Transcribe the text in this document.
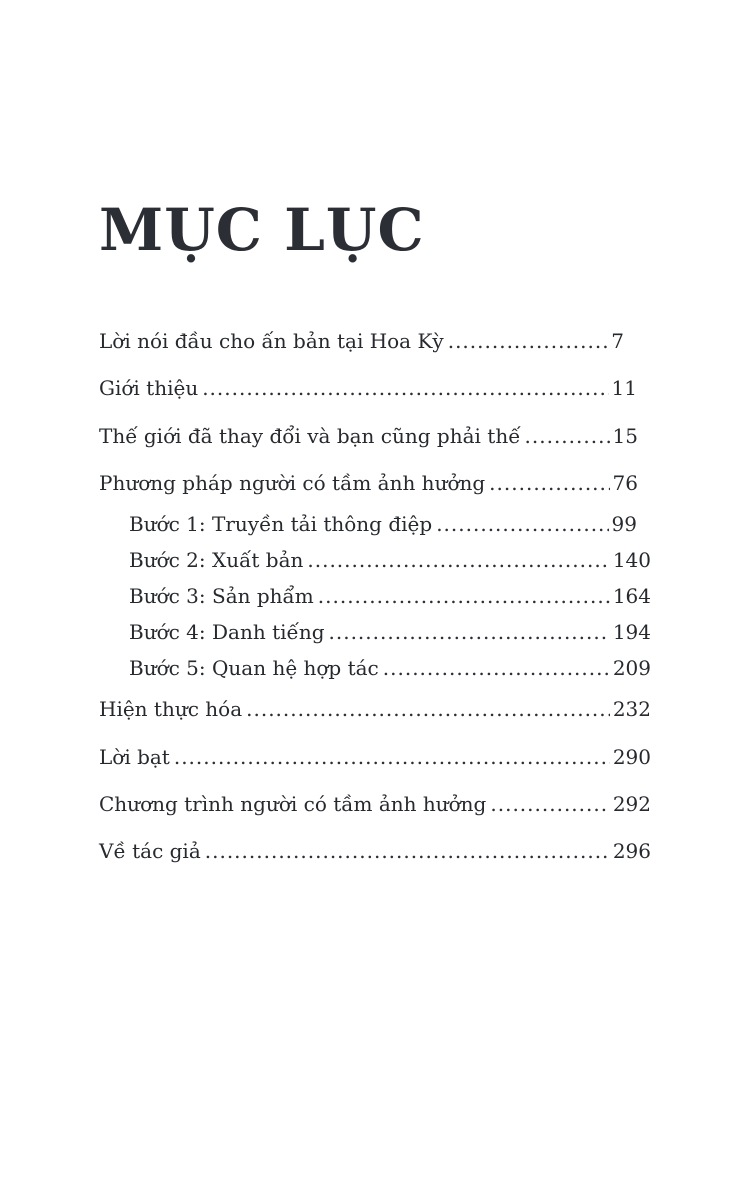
MỤC LỤC
Lời nói đầu cho ấn bản tại Hoa Kỳ .....	7
Giới thiệu .....	11
Thế giới đã thay đổi và bạn cũng phải thế .....	15
Phương pháp người có tầm ảnh hưởng .....	76
Bước 1: Truyền tải thông điệp .....	99
Bước 2: Xuất bản .....	140
Bước 3: Sản phẩm .....	164
Bước 4: Danh tiếng .....	194
Bước 5: Quan hệ hợp tác .....	209
Hiện thực hóa .....	232
Lời bạt .....	290
Chương trình người có tầm ảnh hưởng .....	292
Về tác giả .....	296
